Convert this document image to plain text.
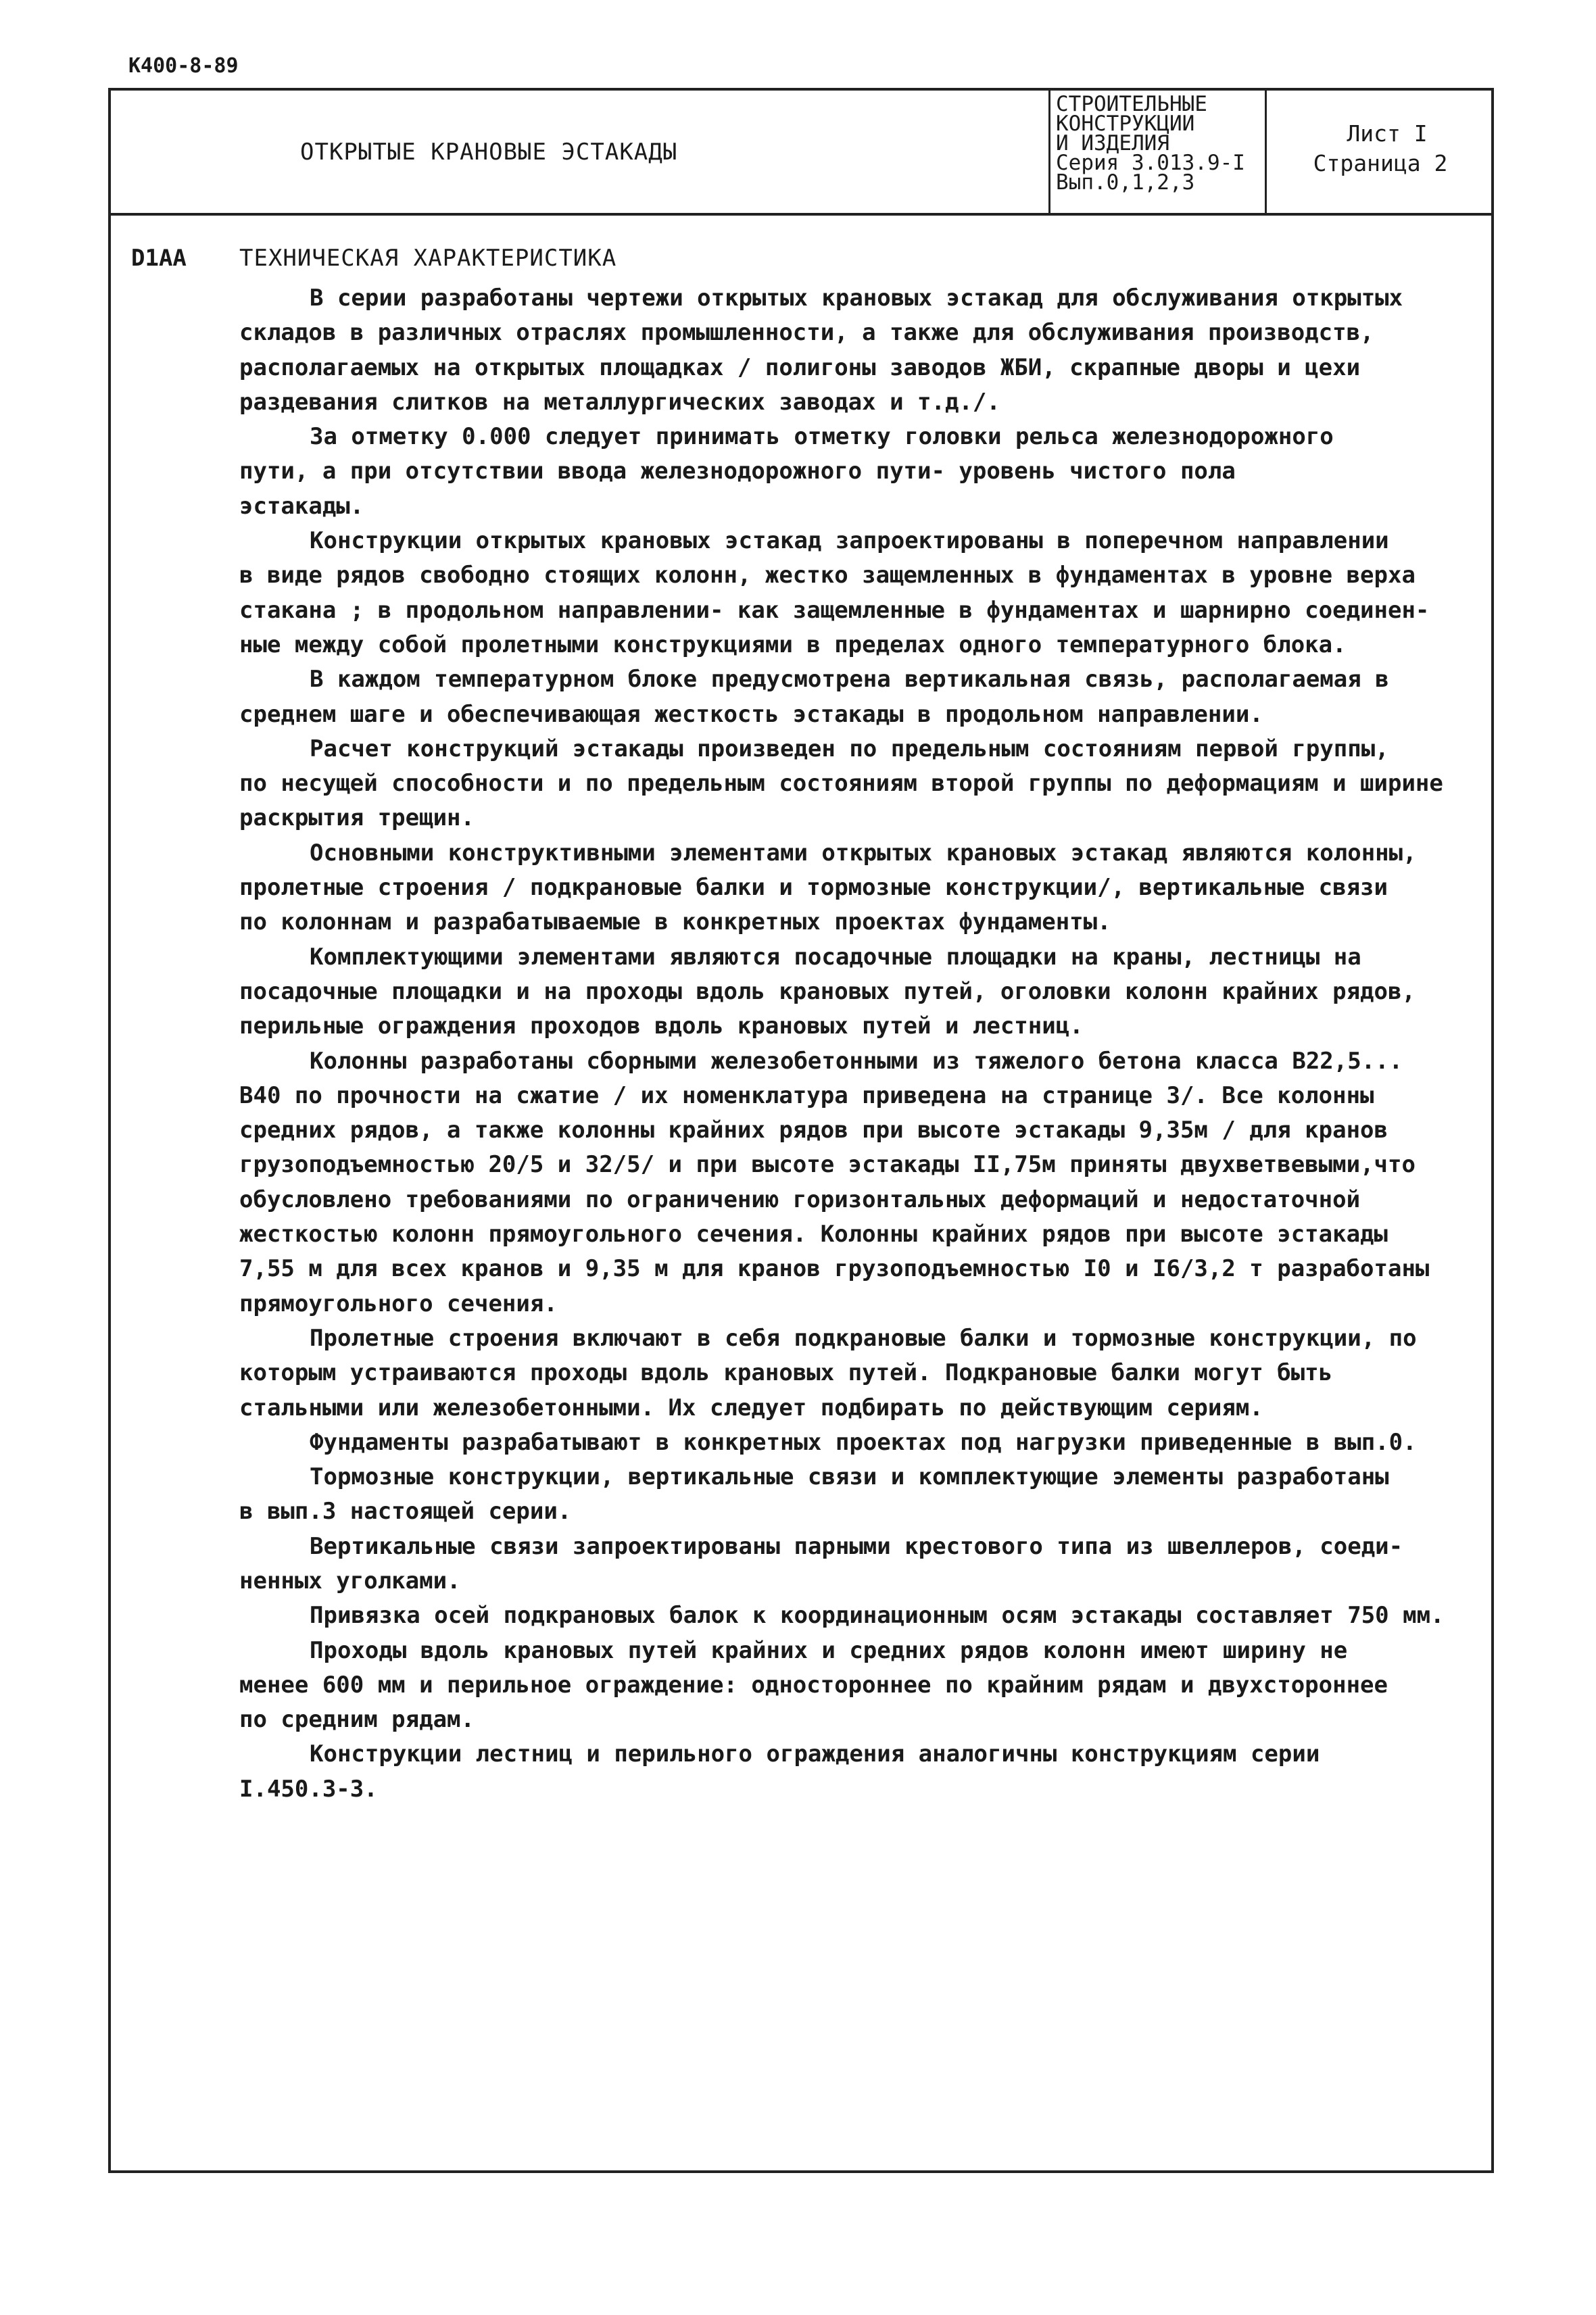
К400-8-89
ОТКРЫТЫЕ КРАНОВЫЕ ЭСТАКАДЫ
СТРОИТЕЛЬНЫЕ
КОНСТРУКЦИИ
И ИЗДЕЛИЯ
Серия 3.013.9-I
Вып.0,1,2,3
Лист I
Страница 2
D1AA ТЕХНИЧЕСКАЯ ХАРАКТЕРИСТИКА
В серии разработаны чертежи открытых крановых эстакад для обслуживания открытых
складов в различных отраслях промышленности, а также для обслуживания производств,
располагаемых на открытых площадках / полигоны заводов ЖБИ, скрапные дворы и цехи
раздевания слитков на металлургических заводах и т.д./.
За отметку 0.000 следует принимать отметку головки рельса железнодорожного
пути, а при отсутствии ввода железнодорожного пути- уровень чистого пола
эстакады.
Конструкции открытых крановых эстакад запроектированы в поперечном направлении
в виде рядов свободно стоящих колонн, жестко защемленных в фундаментах в уровне верха
стакана ; в продольном направлении- как защемленные в фундаментах и шарнирно соединен-
ные между собой пролетными конструкциями в пределах одного температурного блока.
В каждом температурном блоке предусмотрена вертикальная связь, располагаемая в
среднем шаге и обеспечивающая жесткость эстакады в продольном направлении.
Расчет конструкций эстакады произведен по предельным состояниям первой группы,
по несущей способности и по предельным состояниям второй группы по деформациям и ширине
раскрытия трещин.
Основными конструктивными элементами открытых крановых эстакад являются колонны,
пролетные строения / подкрановые балки и тормозные конструкции/, вертикальные связи
по колоннам и разрабатываемые в конкретных проектах фундаменты.
Комплектующими элементами являются посадочные площадки на краны, лестницы на
посадочные площадки и на проходы вдоль крановых путей, оголовки колонн крайних рядов,
перильные ограждения проходов вдоль крановых путей и лестниц.
Колонны разработаны сборными железобетонными из тяжелого бетона класса В22,5...
В40 по прочности на сжатие / их номенклатура приведена на странице 3/. Все колонны
средних рядов, а также колонны крайних рядов при высоте эстакады 9,35м / для кранов
грузоподъемностью 20/5 и 32/5/ и при высоте эстакады II,75м приняты двухветвевыми,что
обусловлено требованиями по ограничению горизонтальных деформаций и недостаточной
жесткостью колонн прямоугольного сечения. Колонны крайних рядов при высоте эстакады
7,55 м для всех кранов и 9,35 м для кранов грузоподъемностью I0 и I6/3,2 т разработаны
прямоугольного сечения.
Пролетные строения включают в себя подкрановые балки и тормозные конструкции, по
которым устраиваются проходы вдоль крановых путей. Подкрановые балки могут быть
стальными или железобетонными. Их следует подбирать по действующим сериям.
Фундаменты разрабатывают в конкретных проектах под нагрузки приведенные в вып.0.
Тормозные конструкции, вертикальные связи и комплектующие элементы разработаны
в вып.3 настоящей серии.
Вертикальные связи запроектированы парными крестового типа из швеллеров, соеди-
ненных уголками.
Привязка осей подкрановых балок к координационным осям эстакады составляет 750 мм.
Проходы вдоль крановых путей крайних и средних рядов колонн имеют ширину не
менее 600 мм и перильное ограждение: одностороннее по крайним рядам и двухстороннее
по средним рядам.
Конструкции лестниц и перильного ограждения аналогичны конструкциям серии
I.450.3-3.
